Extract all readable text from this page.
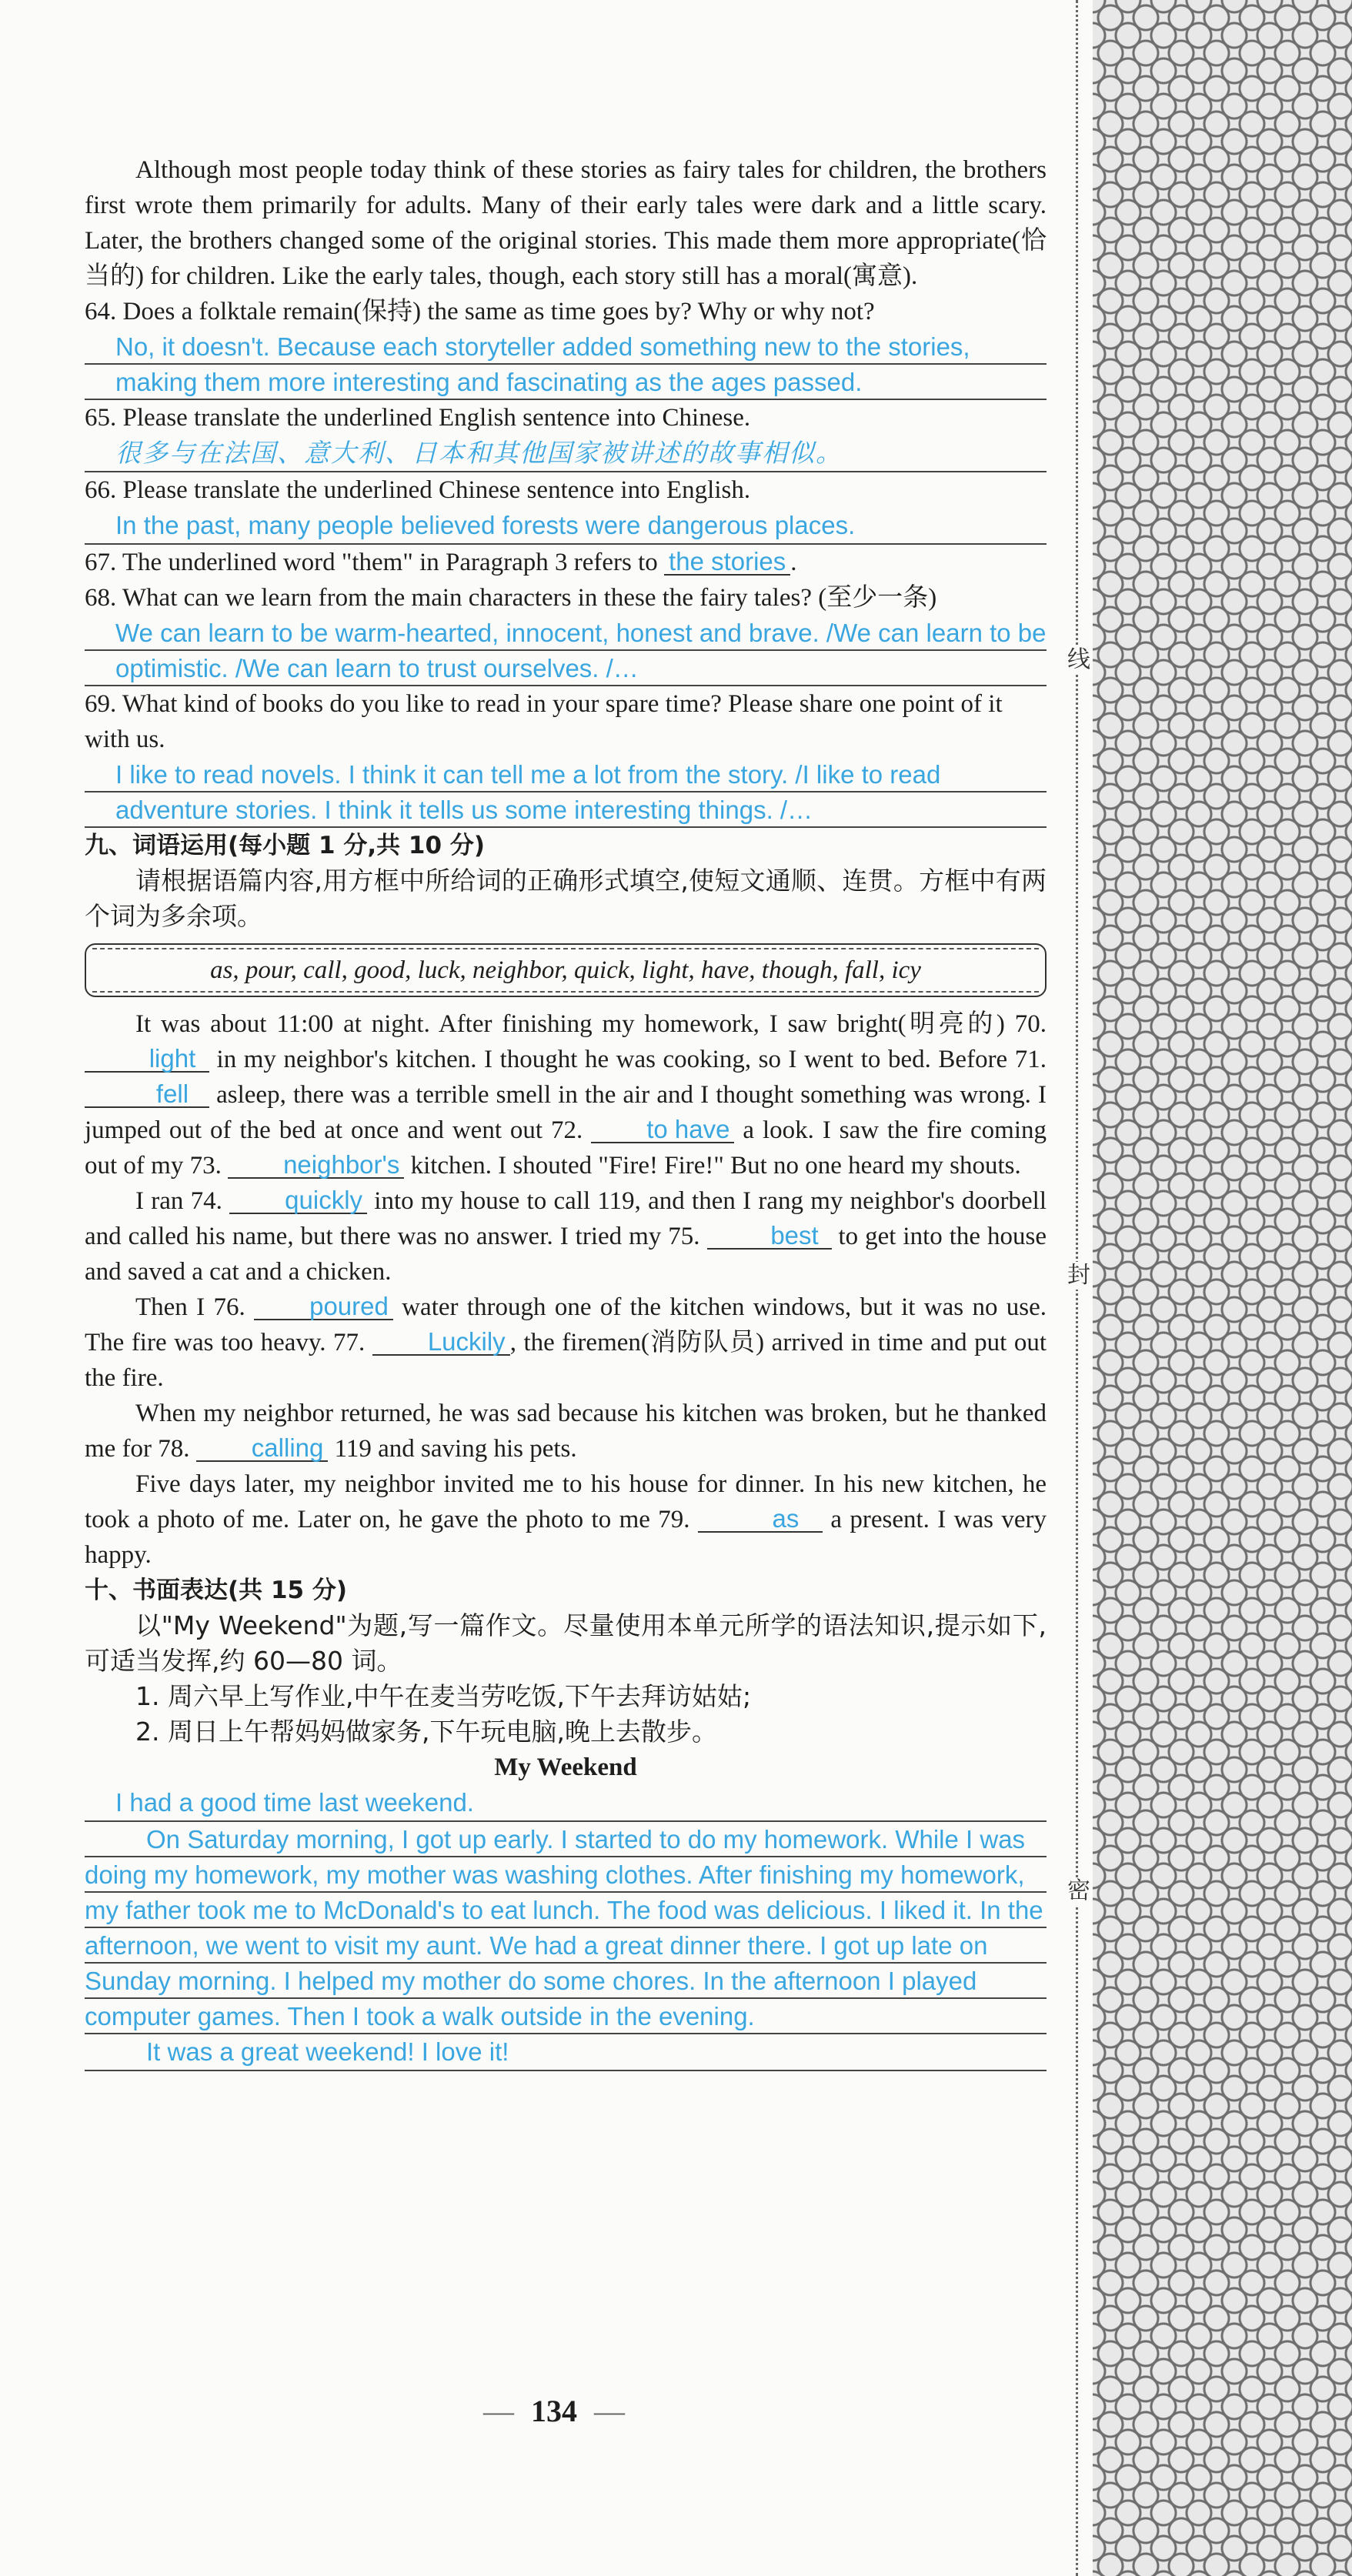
Although most people today think of these stories as fairy tales for children, the brothers first wrote them primarily for adults. Many of their early tales were dark and a little scary. Later, the brothers changed some of the original stories. This made them more appropriate(恰当的) for children. Like the early tales, though, each story still has a moral(寓意).

64. Does a folktale remain(保持) the same as time goes by? Why or why not?

No, it doesn't. Because each storyteller added something new to the stories, making them more interesting and fascinating as the ages passed.

65. Please translate the underlined English sentence into Chinese.

很多与在法国、意大利、日本和其他国家被讲述的故事相似。

66. Please translate the underlined Chinese sentence into English.

In the past, many people believed forests were dangerous places.

67. The underlined word "them" in Paragraph 3 refers to the stories .

68. What can we learn from the main characters in these the fairy tales? (至少一条)

We can learn to be warm-hearted, innocent, honest and brave. /We can learn to be optimistic. /We can learn to trust ourselves. /…

69. What kind of books do you like to read in your spare time? Please share one point of it with us.

I like to read novels. I think it can tell me a lot from the story. /I like to read adventure stories. I think it tells us some interesting things. /…

九、词语运用(每小题 1 分,共 10 分)

请根据语篇内容,用方框中所给词的正确形式填空,使短文通顺、连贯。方框中有两个词为多余项。

as, pour, call, good, luck, neighbor, quick, light, have, though, fall, icy

It was about 11:00 at night. After finishing my homework, I saw bright(明亮的) 70. light in my neighbor's kitchen. I thought he was cooking, so I went to bed. Before 71. fell asleep, there was a terrible smell in the air and I thought something was wrong. I jumped out of the bed at once and went out 72.	to have a look. I saw the fire coming out of my 73. neighbor's kitchen. I shouted "Fire! Fire!" But no one heard my shouts.

I ran 74. quickly into my house to call 119, and then I rang my neighbor's doorbell and called his name, but there was no answer. I tried my 75.	best to get into the house and saved a cat and a chicken.

Then I 76.	poured water through one of the kitchen windows, but it was no use. The fire was too heavy. 77. Luckily , the firemen(消防队员) arrived in time and put out the fire.

When my neighbor returned, he was sad because his kitchen was broken, but he thanked me for 78. calling 119 and saving his pets.

Five days later, my neighbor invited me to his house for dinner. In his new kitchen, he took a photo of me. Later on, he gave the photo to me 79.	as a present. I was very happy.

十、书面表达(共 15 分)

以"My Weekend"为题,写一篇作文。尽量使用本单元所学的语法知识,提示如下,可适当发挥,约 60—80 词。

1. 周六早上写作业,中午在麦当劳吃饭,下午去拜访姑姑;

2. 周日上午帮妈妈做家务,下午玩电脑,晚上去散步。

My Weekend

I had a good time last weekend.
On Saturday morning, I got up early. I started to do my homework. While I was doing my homework, my mother was washing clothes. After finishing my homework, my father took me to McDonald's to eat lunch. The food was delicious. I liked it. In the afternoon, we went to visit my aunt. We had a great dinner there. I got up late on Sunday morning. I helped my mother do some chores. In the afternoon I played computer games. Then I took a walk outside in the evening.
It was a great weekend! I love it!
— 134 —
线
封
密
